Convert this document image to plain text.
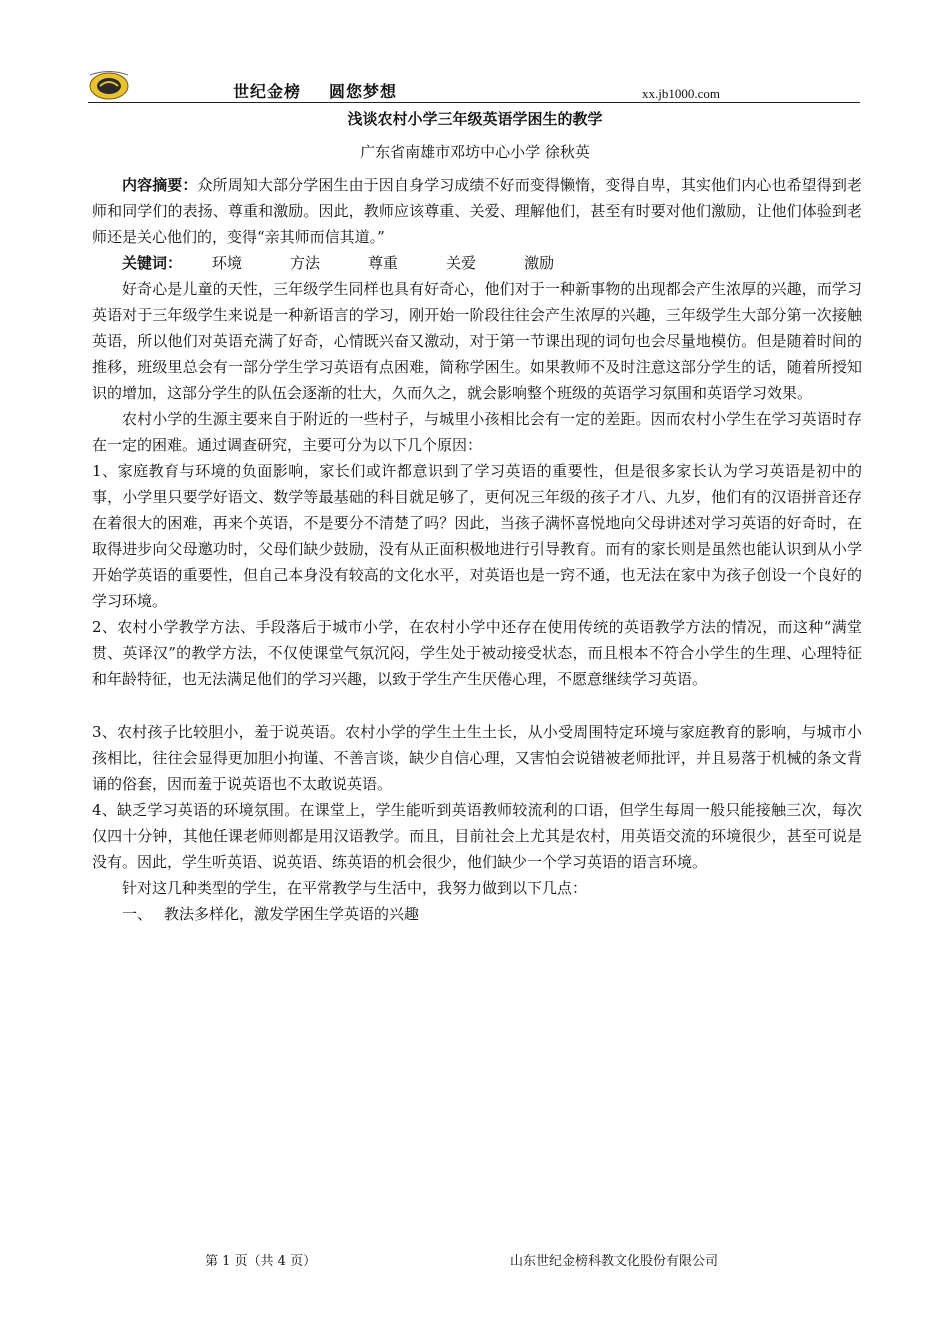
世纪金榜 圆您梦想	xx.jb1000.com
浅谈农村小学三年级英语学困生的教学
广东省南雄市邓坊中心小学 徐秋英

内容摘要：众所周知大部分学困生由于因自身学习成绩不好而变得懒惰，变得自卑，其实他们内心也希望得到老师和同学们的表扬、尊重和激励。因此，教师应该尊重、关爱、理解他们，甚至有时要对他们激励，让他们体验到老师还是关心他们的，变得“亲其师而信其道。”

关键词： 环境	方法	尊重	关爱	激励

好奇心是儿童的天性，三年级学生同样也具有好奇心，他们对于一种新事物的出现都会产生浓厚的兴趣，而学习英语对于三年级学生来说是一种新语言的学习，刚开始一阶段往往会产生浓厚的兴趣，三年级学生大部分第一次接触英语，所以他们对英语充满了好奇，心情既兴奋又激动，对于第一节课出现的词句也会尽量地模仿。但是随着时间的推移，班级里总会有一部分学生学习英语有点困难，简称学困生。如果教师不及时注意这部分学生的话，随着所授知识的增加，这部分学生的队伍会逐渐的壮大，久而久之，就会影响整个班级的英语学习氛围和英语学习效果。

农村小学的生源主要来自于附近的一些村子，与城里小孩相比会有一定的差距。因而农村小学生在学习英语时存在一定的困难。通过调查研究，主要可分为以下几个原因：

1、家庭教育与环境的负面影响，家长们或许都意识到了学习英语的重要性，但是很多家长认为学习英语是初中的事，小学里只要学好语文、数学等最基础的科目就足够了，更何况三年级的孩子才八、九岁，他们有的汉语拼音还存在着很大的困难，再来个英语，不是要分不清楚了吗？因此，当孩子满怀喜悦地向父母讲述对学习英语的好奇时，在取得进步向父母邀功时，父母们缺少鼓励，没有从正面积极地进行引导教育。而有的家长则是虽然也能认识到从小学开始学英语的重要性，但自己本身没有较高的文化水平，对英语也是一窍不通，也无法在家中为孩子创设一个良好的学习环境。

2、农村小学教学方法、手段落后于城市小学，在农村小学中还存在使用传统的英语教学方法的情况，而这种“满堂贯、英译汉”的教学方法，不仅使课堂气氛沉闷，学生处于被动接受状态，而且根本不符合小学生的生理、心理特征和年龄特征，也无法满足他们的学习兴趣，以致于学生产生厌倦心理，不愿意继续学习英语。

3、农村孩子比较胆小，羞于说英语。农村小学的学生土生土长，从小受周围特定环境与家庭教育的影响，与城市小孩相比，往往会显得更加胆小拘谨、不善言谈，缺少自信心理，又害怕会说错被老师批评，并且易落于机械的条文背诵的俗套，因而羞于说英语也不太敢说英语。

4、缺乏学习英语的环境氛围。在课堂上，学生能听到英语教师较流利的口语，但学生每周一般只能接触三次，每次仅四十分钟，其他任课老师则都是用汉语教学。而且，目前社会上尤其是农村，用英语交流的环境很少，甚至可说是没有。因此，学生听英语、说英语、练英语的机会很少，他们缺少一个学习英语的语言环境。

针对这几种类型的学生，在平常教学与生活中，我努力做到以下几点：

一、 教法多样化，激发学困生学英语的兴趣

第 1 页（共 4 页）	山东世纪金榜科教文化股份有限公司
